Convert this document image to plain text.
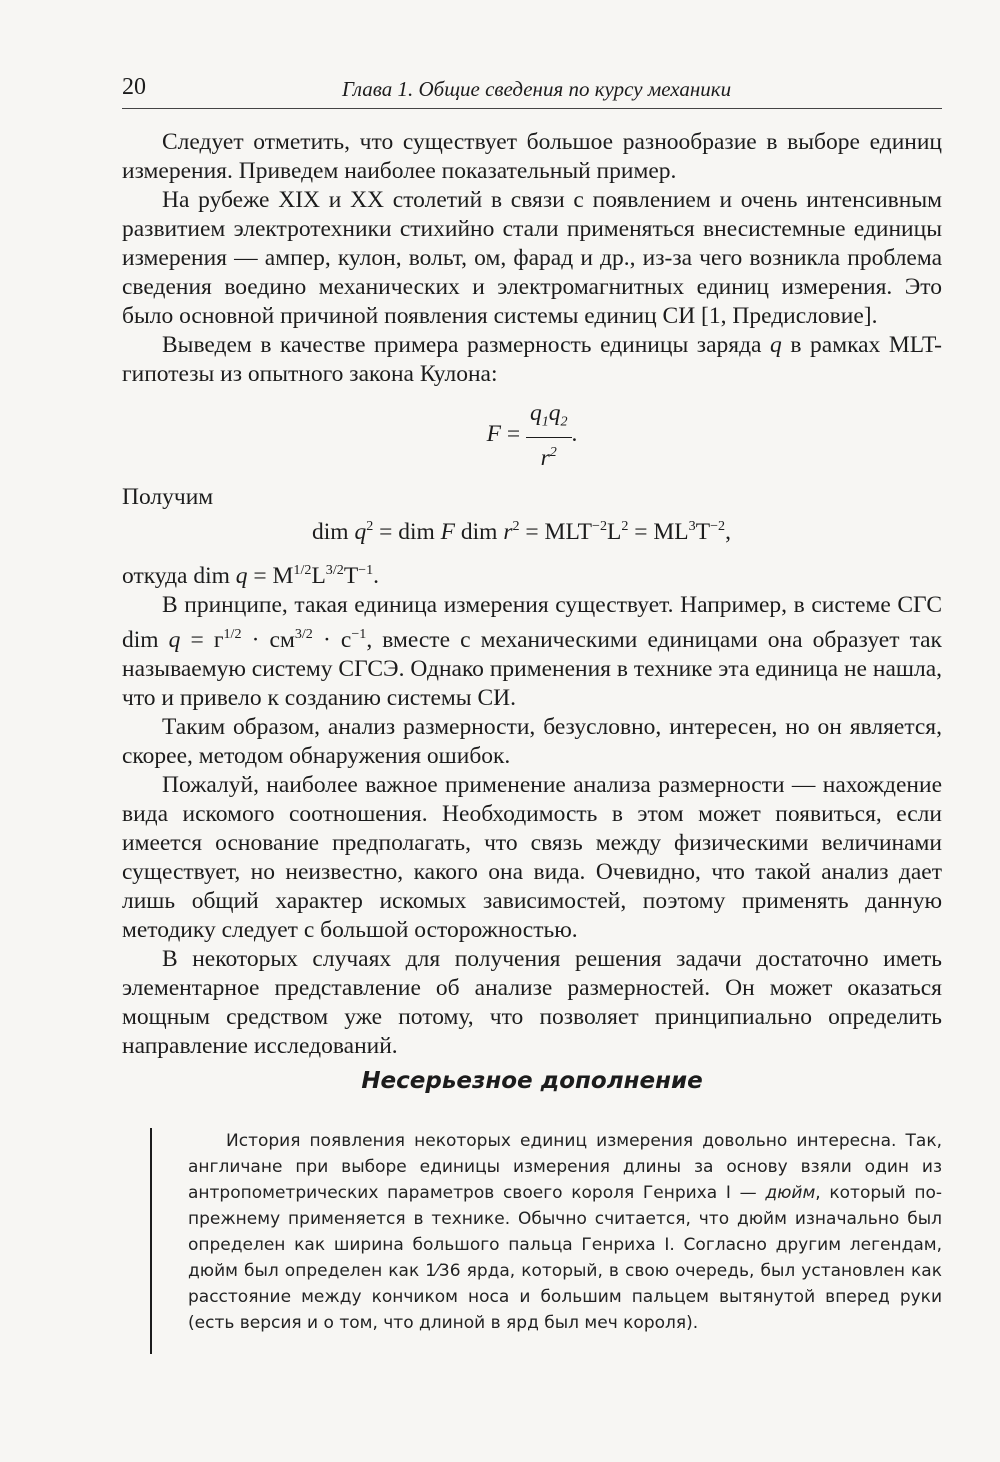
20	Глава 1. Общие сведения по курсу механики

Следует отметить, что существует большое разнообразие в выборе единиц измерения. Приведем наиболее показательный пример.

На рубеже XIX и XX столетий в связи с появлением и очень интенсивным развитием электротехники стихийно стали применяться внесистемные единицы измерения — ампер, кулон, вольт, ом, фарад и др., из-за чего возникла проблема сведения воедино механических и электромагнитных единиц измерения. Это было основной причиной появления системы единиц СИ [1, Предисловие].

Выведем в качестве примера размерность единицы заряда q в рамках MLT-гипотезы из опытного закона Кулона:

$F = \frac{q_1q_2}{r^2}$ .

Получим

dim $q^2$ = dim F dim $r^2 = MLT^{-2}L^2 = ML^3T^{-2}$,

откуда dim $q = M^{1/2}L^{3/2}T^{-1}$.

В принципе, такая единица измерения существует. Например, в системе СГС dim $q = г^{1/2} \cdot см^{3/2} \cdot с^{-1}$, вместе с механическими единицами она образует так называемую систему СГСЭ. Однако применения в технике эта единица не нашла, что и привело к созданию системы СИ.

Таким образом, анализ размерности, безусловно, интересен, но он является, скорее, методом обнаружения ошибок.

Пожалуй, наиболее важное применение анализа размерности — нахождение вида искомого соотношения. Необходимость в этом может появиться, если имеется основание предполагать, что связь между физическими величинами существует, но неизвестно, какого она вида. Очевидно, что такой анализ дает лишь общий характер искомых зависимостей, поэтому применять данную методику следует с большой осторожностью.

В некоторых случаях для получения решения задачи достаточно иметь элементарное представление об анализе размерностей. Он может оказаться мощным средством уже потому, что позволяет принципиально определить направление исследований.

Несерьезное дополнение
История появления некоторых единиц измерения довольно интересна. Так, англичане при выборе единицы измерения длины за основу взяли один из антропометрических параметров своего короля Генриха I — дюйм, который по-прежнему применяется в технике. Обычно считается, что дюйм изначально был определен как ширина большого пальца Генриха I. Согласно другим легендам, дюйм был определен как 1⁄36 ярда, который, в свою очередь, был установлен как расстояние между кончиком носа и большим пальцем вытянутой вперед руки (есть версия и о том, что длиной в ярд был меч короля).
